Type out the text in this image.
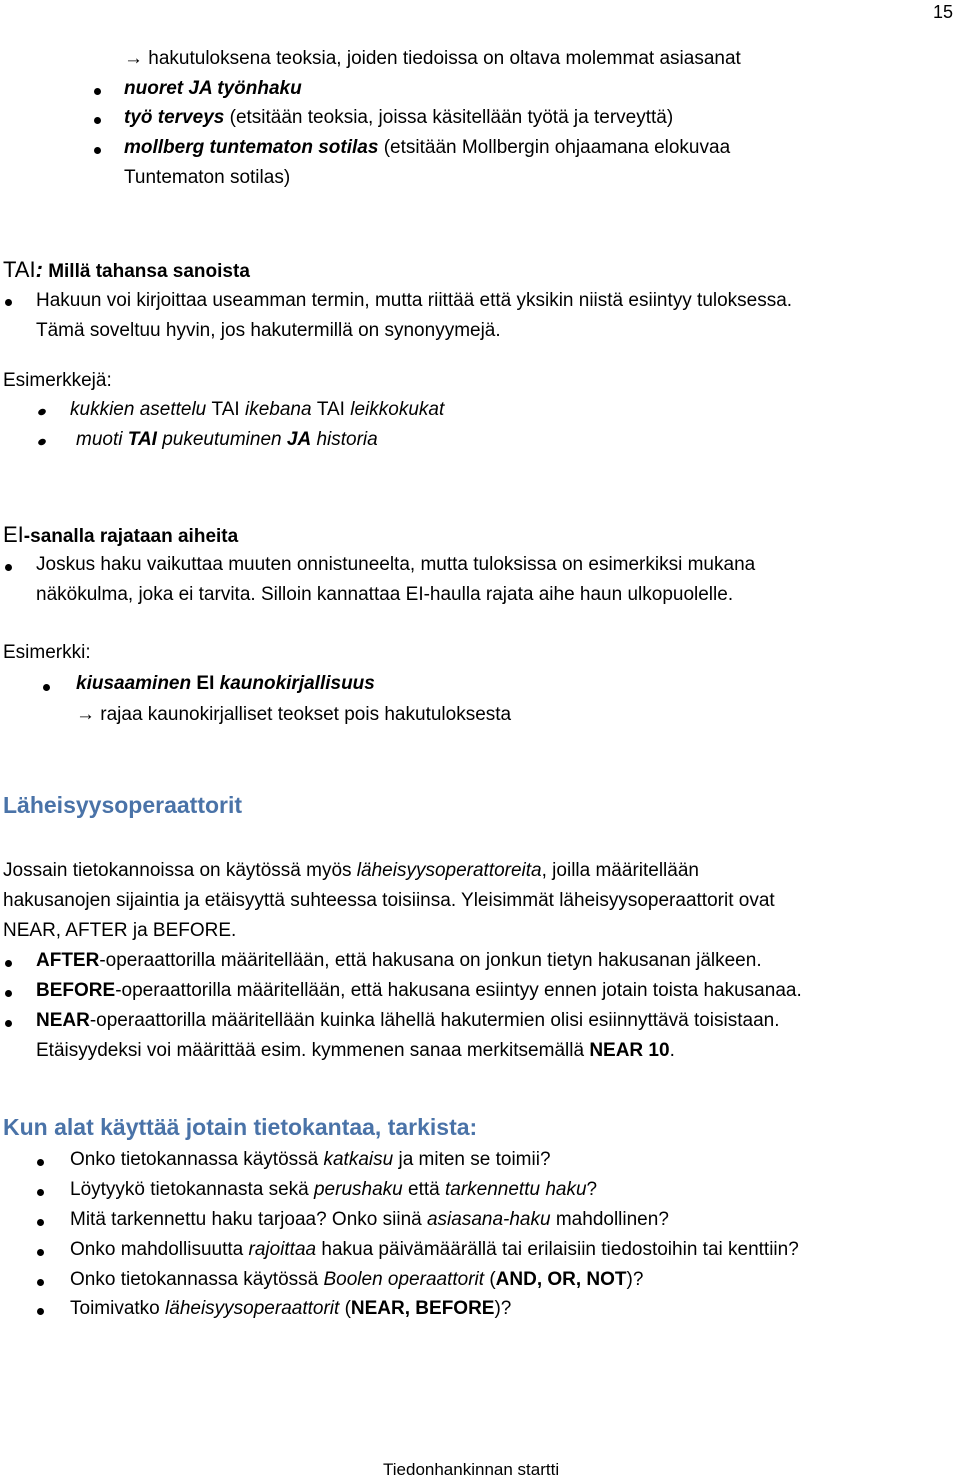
15
→ hakutuloksena teoksia, joiden tiedoissa on oltava molemmat asiasanat
nuoret JA työnhaku
työ terveys (etsitään teoksia, joissa käsitellään työtä ja terveyttä)
mollberg tuntematon sotilas (etsitään Mollbergin ohjaamana elokuvaa
Tuntematon sotilas)
TAI: Millä tahansa sanoista
Hakuun voi kirjoittaa useamman termin, mutta riittää että yksikin niistä esiintyy tuloksessa.
Tämä soveltuu hyvin, jos hakutermillä on synonyymejä.
Esimerkkejä:
kukkien asettelu TAI ikebana TAI leikkokukat
muoti TAI pukeutuminen JA historia
EI-sanalla rajataan aiheita
Joskus haku vaikuttaa muuten onnistuneelta, mutta tuloksissa on esimerkiksi mukana
näkökulma, joka ei tarvita. Silloin kannattaa EI-haulla rajata aihe haun ulkopuolelle.
Esimerkki:
kiusaaminen EI kaunokirjallisuus
→ rajaa kaunokirjalliset teokset pois hakutuloksesta
Läheisyysoperaattorit
Jossain tietokannoissa on käytössä myös läheisyysoperattoreita, joilla määritellään
hakusanojen sijaintia ja etäisyyttä suhteessa toisiinsa. Yleisimmät läheisyysoperaattorit ovat
NEAR, AFTER ja BEFORE.
AFTER-operaattorilla määritellään, että hakusana on jonkun tietyn hakusanan jälkeen.
BEFORE-operaattorilla määritellään, että hakusana esiintyy ennen jotain toista hakusanaa.
NEAR-operaattorilla määritellään kuinka lähellä hakutermien olisi esiinnyttävä toisistaan.
Etäisyydeksi voi määrittää esim. kymmenen sanaa merkitsemällä NEAR 10.
Kun alat käyttää jotain tietokantaa, tarkista:
Onko tietokannassa käytössä katkaisu ja miten se toimii?
Löytyykö tietokannasta sekä perushaku että tarkennettu haku?
Mitä tarkennettu haku tarjoaa? Onko siinä asiasana-haku mahdollinen?
Onko mahdollisuutta rajoittaa hakua päivämäärällä tai erilaisiin tiedostoihin tai kenttiin?
Onko tietokannassa käytössä Boolen operaattorit (AND, OR, NOT)?
Toimivatko läheisyysoperaattorit (NEAR, BEFORE)?
Tiedonhankinnan startti
